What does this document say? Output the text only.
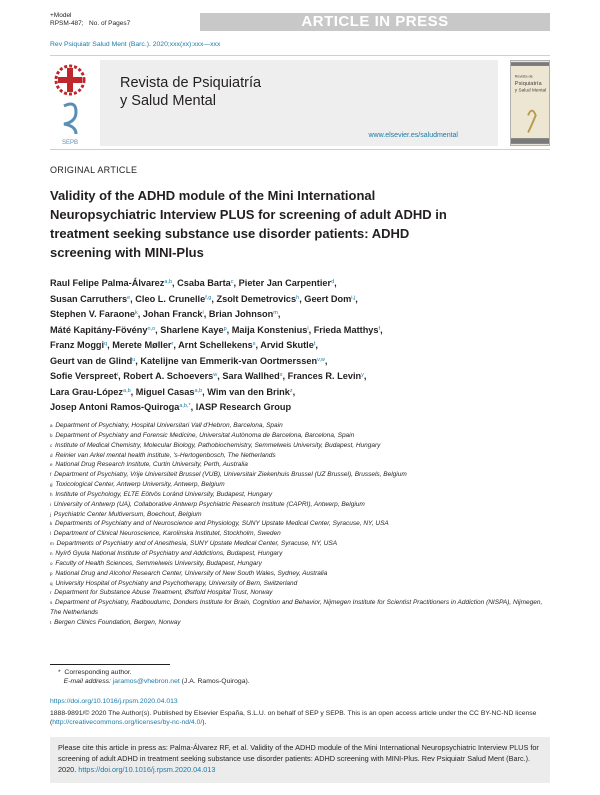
+Model
RPSM-487; No. of Pages7	ARTICLE IN PRESS
Rev Psiquiatr Salud Ment (Barc.). 2020;xxx(xx):xxx—xxx
SEPB
Revista de Psiquiatría
y Salud Mental
www.elsevier.es/saludmental
Revista de
Psiquiatría
y Salud Mental
ORIGINAL ARTICLE
Validity of the ADHD module of the Mini International Neuropsychiatric Interview PLUS for screening of adult ADHD in treatment seeking substance use disorder patients: ADHD screening with MINI-Plus
Raul Felipe Palma-Álvarez$^{a,b}$, Csaba Barta$^c$, Pieter Jan Carpentier$^d$,
Susan Carruthers$^e$, Cleo L. Crunelle$^{f,g}$, Zsolt Demetrovics$^h$, Geert Dom$^{i,j}$,
Stephen V. Faraone$^k$, Johan Franck$^l$, Brian Johnson$^m$,
Máté Kapitány-Fövény$^{n,o}$, Sharlene Kaye$^p$, Maija Konstenius$^l$, Frieda Matthys$^f$,
Franz Moggi$^q$, Merete Møller$^r$, Arnt Schellekens$^s$, Arvid Skutle$^t$,
Geurt van de Glind$^u$, Katelijne van Emmerik-van Oortmerssen$^{v,w}$,
Sofie Verspreet$^i$, Robert A. Schoevers$^w$, Sara Wallhed$^x$, Frances R. Levin$^y$,
Lara Grau-López$^{a,b}$, Miguel Casas$^{a,b}$, Wim van den Brink$^z$,
Josep Antoni Ramos-Quiroga$^{a,b,*}$, IASP Research Group
$^a$ Department of Psychiatry, Hospital Universitari Vall d'Hebron, Barcelona, Spain
$^b$ Department of Psychiatry and Forensic Medicine, Universitat Autònoma de Barcelona, Barcelona, Spain
$^c$ Institute of Medical Chemistry, Molecular Biology, Pathobiochemistry, Semmelweis University, Budapest, Hungary
$^d$ Reinier van Arkel mental health institute, 's-Hertogenbosch, The Netherlands
$^e$ National Drug Research Institute, Curtin University, Perth, Australia
$^f$ Department of Psychiatry, Vrije Universiteit Brussel (VUB), Universitair Ziekenhuis Brussel (UZ Brussel), Brussels, Belgium
$^g$ Toxicological Center, Antwerp University, Antwerp, Belgium
$^h$ Institute of Psychology, ELTE Eötvös Loránd University, Budapest, Hungary
$^i$ University of Antwerp (UA), Collaborative Antwerp Psychiatric Research Institute (CAPRI), Antwerp, Belgium
$^j$ Psychiatric Center Multiversum, Boechout, Belgium
$^k$ Departments of Psychiatry and of Neuroscience and Physiology, SUNY Upstate Medical Center, Syracuse, NY, USA
$^l$ Department of Clinical Neuroscience, Karolinska Institutet, Stockholm, Sweden
$^m$ Departments of Psychiatry and of Anesthesia, SUNY Upstate Medical Center, Syracuse, NY, USA
$^n$ Nyírő Gyula National Institute of Psychiatry and Addictions, Budapest, Hungary
$^o$ Faculty of Health Sciences, Semmelweis University, Budapest, Hungary
$^p$ National Drug and Alcohol Research Center, University of New South Wales, Sydney, Australia
$^q$ University Hospital of Psychiatry and Psychotherapy, University of Bern, Switzerland
$^r$ Department for Substance Abuse Treatment, Østfold Hospital Trust, Norway
$^s$ Department of Psychiatry, Radboudumc, Donders Institute for Brain, Cognition and Behavior, Nijmegen Institute for Scientist Practitioners in Addiction (NISPA), Nijmegen, The Netherlands
$^t$ Bergen Clinics Foundation, Bergen, Norway
*  Corresponding author.
E-mail address: jaramos@vhebron.net (J.A. Ramos-Quiroga).
https://doi.org/10.1016/j.rpsm.2020.04.013
1888-9891/© 2020 The Author(s). Published by Elsevier España, S.L.U. on behalf of SEP y SEPB. This is an open access article under the CC BY-NC-ND license (http://creativecommons.org/licenses/by-nc-nd/4.0/).
Please cite this article in press as: Palma-Álvarez RF, et al. Validity of the ADHD module of the Mini International Neuropsychiatric Interview PLUS for screening of adult ADHD in treatment seeking substance use disorder patients: ADHD screening with MINI-Plus. Rev Psiquiatr Salud Ment (Barc.). 2020. https://doi.org/10.1016/j.rpsm.2020.04.013
